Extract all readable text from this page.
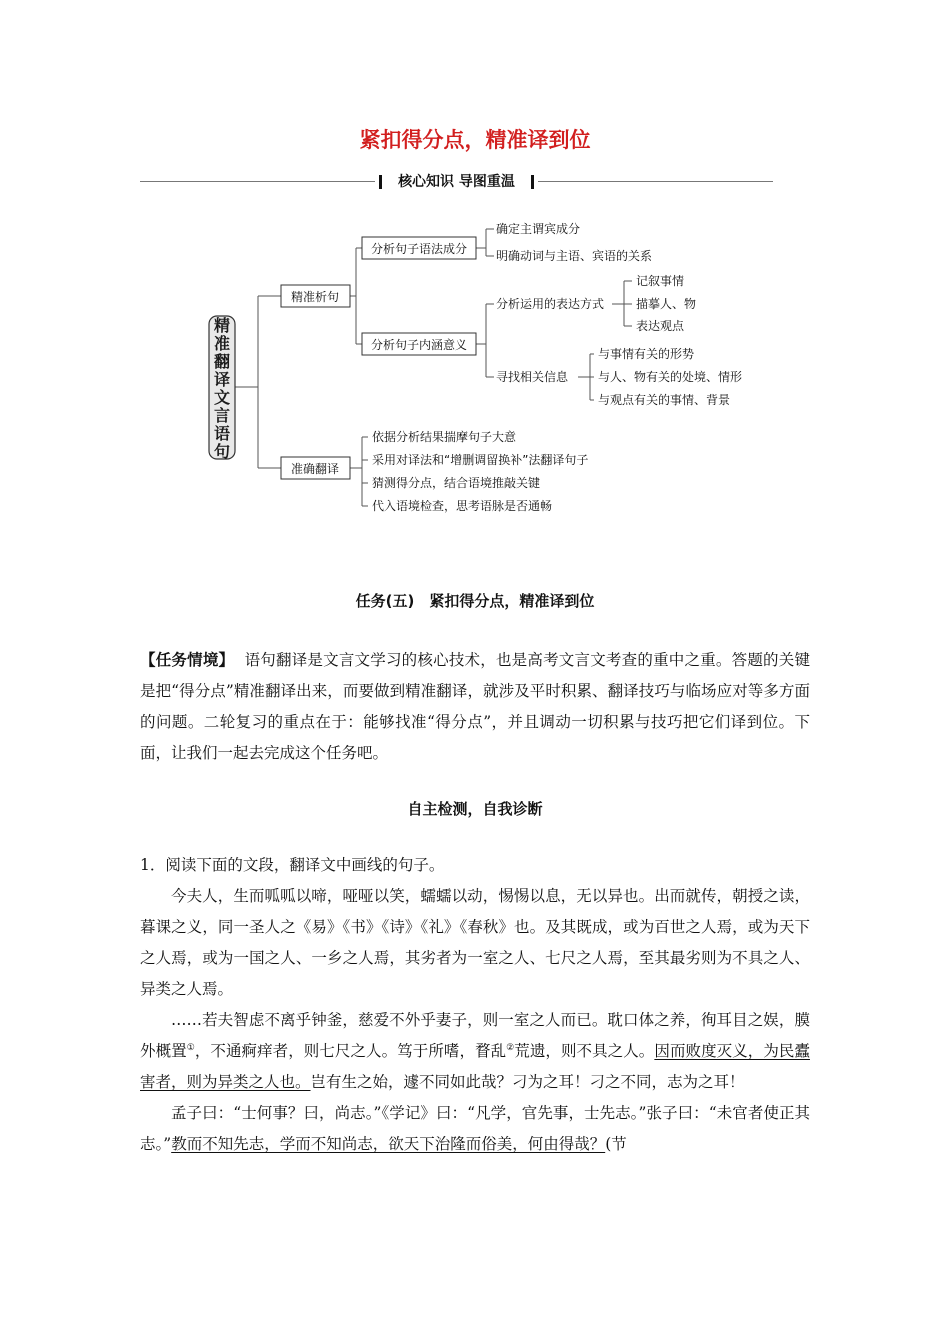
紧扣得分点，精准译到位
核心知识 导图重温
精准翻译文言语句
精准析句
分析句子语法成分
分析句子内涵意义
准确翻译
确定主谓宾成分
明确动词与主语、宾语的关系
分析运用的表达方式
寻找相关信息
记叙事情
描摹人、物
表达观点
与事情有关的形势
与人、物有关的处境、情形
与观点有关的事情、背景
依据分析结果揣摩句子大意
采用对译法和“增删调留换补”法翻译句子
猜测得分点，结合语境推敲关键
代入语境检查，思考语脉是否通畅
任务(五)　紧扣得分点，精准译到位
【任务情境】 语句翻译是文言文学习的核心技术，也是高考文言文考查的重中之重。答题的关键是把“得分点”精准翻译出来，而要做到精准翻译，就涉及平时积累、翻译技巧与临场应对等多方面的问题。二轮复习的重点在于：能够找准“得分点”，并且调动一切积累与技巧把它们译到位。下面，让我们一起去完成这个任务吧。
自主检测，自我诊断
1．阅读下面的文段，翻译文中画线的句子。

今夫人，生而呱呱以啼，哑哑以笑，蠕蠕以动，惕惕以息，无以异也。出而就传，朝授之读，暮课之义，同一圣人之《易》《书》《诗》《礼》《春秋》也。及其既成，或为百世之人焉，或为天下之人焉，或为一国之人、一乡之人焉，其劣者为一室之人、七尺之人焉，至其最劣则为不具之人、异类之人焉。

……若夫智虑不离乎钟釜，慈爱不外乎妻子，则一室之人而已。耽口体之养，徇耳目之娱，膜外概置①，不通痾痒者，则七尺之人。笃于所嗜，瞀乱②荒遗，则不具之人。因而败度灭义，为民蠹害者，则为异类之人也。岂有生之始，遽不同如此哉？刁为之耳！刁之不同，志为之耳！

孟子曰：“士何事？曰，尚志。”《学记》曰：“凡学，官先事，士先志。”张子曰：“未官者使正其志。”教而不知先志，学而不知尚志，欲天下治隆而俗美，何由得哉？(节
